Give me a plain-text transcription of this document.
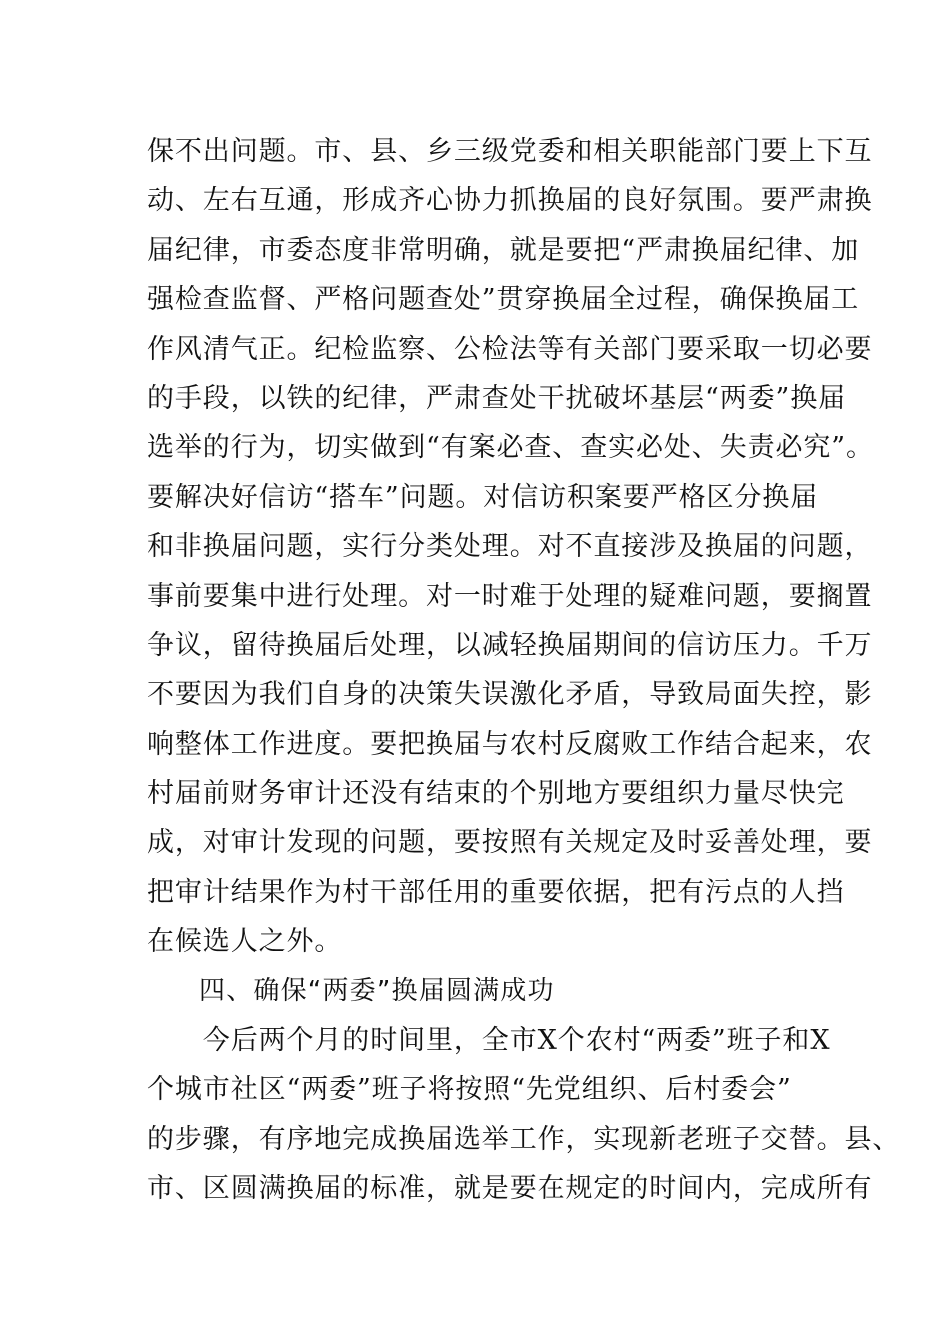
保不出问题。市、县、乡三级党委和相关职能部门要上下互
动、左右互通，形成齐心协力抓换届的良好氛围。要严肃换
届纪律，市委态度非常明确，就是要把“严肃换届纪律、加
强检查监督、严格问题查处”贯穿换届全过程，确保换届工
作风清气正。纪检监察、公检法等有关部门要采取一切必要
的手段，以铁的纪律，严肃查处干扰破坏基层“两委”换届
选举的行为，切实做到“有案必查、查实必处、失责必究”。
要解决好信访“搭车”问题。对信访积案要严格区分换届
和非换届问题，实行分类处理。对不直接涉及换届的问题，
事前要集中进行处理。对一时难于处理的疑难问题，要搁置
争议，留待换届后处理，以减轻换届期间的信访压力。千万
不要因为我们自身的决策失误激化矛盾，导致局面失控，影
响整体工作进度。要把换届与农村反腐败工作结合起来，农
村届前财务审计还没有结束的个别地方要组织力量尽快完
成，对审计发现的问题，要按照有关规定及时妥善处理，要
把审计结果作为村干部任用的重要依据，把有污点的人挡
在候选人之外。
四、确保“两委”换届圆满成功
　　今后两个月的时间里，全市X个农村“两委”班子和X
个城市社区“两委”班子将按照“先党组织、后村委会”
的步骤，有序地完成换届选举工作，实现新老班子交替。县、
市、区圆满换届的标准，就是要在规定的时间内，完成所有
